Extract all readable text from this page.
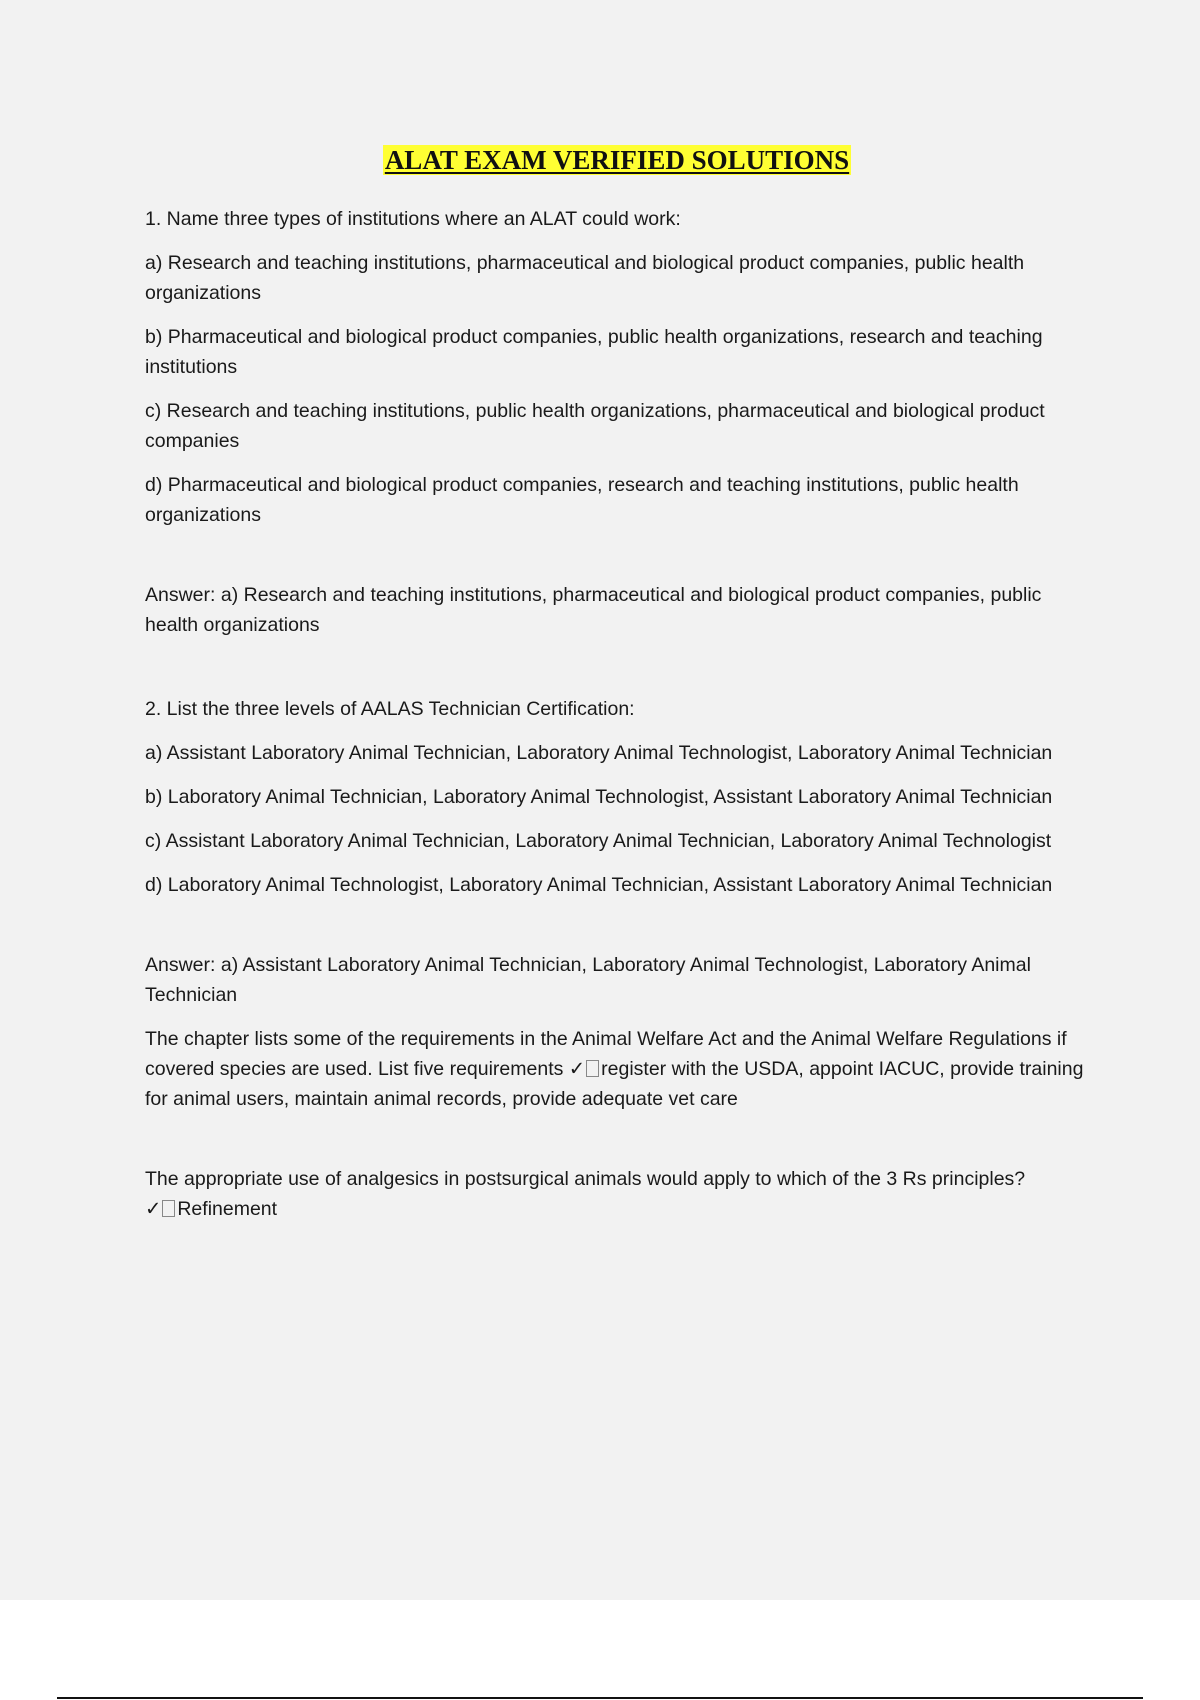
ALAT EXAM VERIFIED SOLUTIONS

1. Name three types of institutions where an ALAT could work:

a) Research and teaching institutions, pharmaceutical and biological product companies, public health organizations

b) Pharmaceutical and biological product companies, public health organizations, research and teaching institutions

c) Research and teaching institutions, public health organizations, pharmaceutical and biological product companies

d) Pharmaceutical and biological product companies, research and teaching institutions, public health organizations

Answer: a) Research and teaching institutions, pharmaceutical and biological product companies, public health organizations

2. List the three levels of AALAS Technician Certification:

a) Assistant Laboratory Animal Technician, Laboratory Animal Technologist, Laboratory Animal Technician

b) Laboratory Animal Technician, Laboratory Animal Technologist, Assistant Laboratory Animal Technician

c) Assistant Laboratory Animal Technician, Laboratory Animal Technician, Laboratory Animal Technologist

d) Laboratory Animal Technologist, Laboratory Animal Technician, Assistant Laboratory Animal Technician

Answer: a) Assistant Laboratory Animal Technician, Laboratory Animal Technologist, Laboratory Animal Technician

The chapter lists some of the requirements in the Animal Welfare Act and the Animal Welfare Regulations if covered species are used. List five requirements ✓ register with the USDA, appoint IACUC, provide training for animal users, maintain animal records, provide adequate vet care

The appropriate use of analgesics in postsurgical animals would apply to which of the 3 Rs principles?
✓ Refinement
